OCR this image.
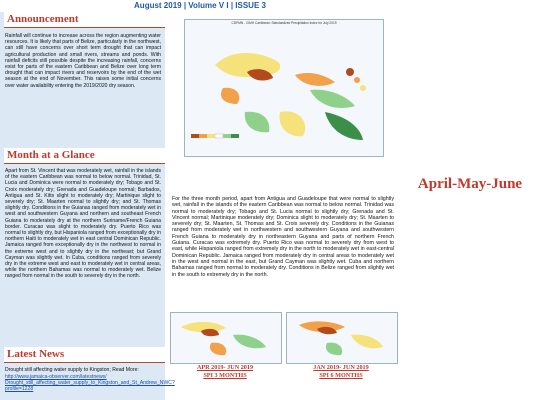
August 2019 | Volume V I | ISSUE 3
Announcement
Rainfall will continue to increase across the region augmenting water resources. It is likely that parts of Belize, particularly in the northwest, can still have concerns over short term drought that can impact agricultural production and small rivers, streams and ponds. With rainfall deficits still possible despite the increasing rainfall, concerns exist for parts of the eastern Caribbean and Belize over long term drought that can impact rivers and reservoirs by the end of the wet season at the end of November. This raises some initial concerns over water availability entering the 2019/2020 dry season.
Month at a Glance
Apart from St. Vincent that was moderately wet, rainfall in the islands of the eastern Caribbean was normal to below normal. Trinidad, St. Lucia and Dominica were normal to moderately dry; Tobago and St. Croix moderately dry; Grenada and Guadeloupe normal; Barbados, Antigua and St. Kitts slight to moderately dry; Martinique slight to severely dry; St. Maarten normal to slightly dry; and St. Thomas slightly dry. Conditions in the Guianas ranged from moderately wet in west and southwestern Guyana and northern and southeast French Guiana to moderately dry at the northern Suriname/French Guiana border. Curacao was slight to moderately dry. Puerto Rico was normal to slightly dry, but Hispaniola ranged from exceptionally dry in northern Haiti to moderately wet in east central Dominican Republic. Jamaica ranged from exceptionally dry in the northwest to normal in the extreme west and to slightly dry in the northeast; but Grand Cayman was slightly wet. In Cuba, conditions ranged from severely dry in the extreme west and east to moderately wet in central areas, while the northern Bahamas was normal to moderately wet. Belize ranged from normal in the south to severely dry in the north.
Latest News
Drought still affecting water supply to Kingston; Read More:
http://www.jamaica-observer.com/latestnews/ Drought_still_affecting_water_supply_to_Kingston_and_St_Andrew_NWC?profile=1228
CDPMN - CIMH Caribbean: Standardized Precipitation Index for July 2019
April-May-June
For the three month period, apart from Antigua and Guadeloupe that were normal to slightly wet, rainfall in the islands of the eastern Caribbean was normal to below normal. Trinidad was normal to moderately dry; Tobago and St. Lucia normal to slightly dry; Grenada and St. Vincent normal; Martinique moderately dry; Dominica slight to moderately dry; St. Maarten to severely dry; St. Maarten, St. Thomas and St. Croix severely dry. Conditions in the Guianas ranged from moderately wet in northwestern and southwestern Guyana and southwestern French Guiana to moderately dry in northeastern Guyana and parts of northern French Guiana. Curacao was extremely dry. Puerto Rico was normal to severely dry from west to east, while Hispaniola ranged from extremely dry in the north to moderately wet in east-central Dominican Republic. Jamaica ranged from moderately dry in central areas to moderately wet in the west and normal in the east, but Grand Cayman was slightly wet. Cuba and northern Bahamas ranged from normal to moderately dry. Conditions in Belize ranged from slightly wet in the south to extremely dry in the north.
APR 2019- JUN 2019
SPI 3 MONTHS
JAN 2019- JUN 2019
SPI 6 MONTHS
